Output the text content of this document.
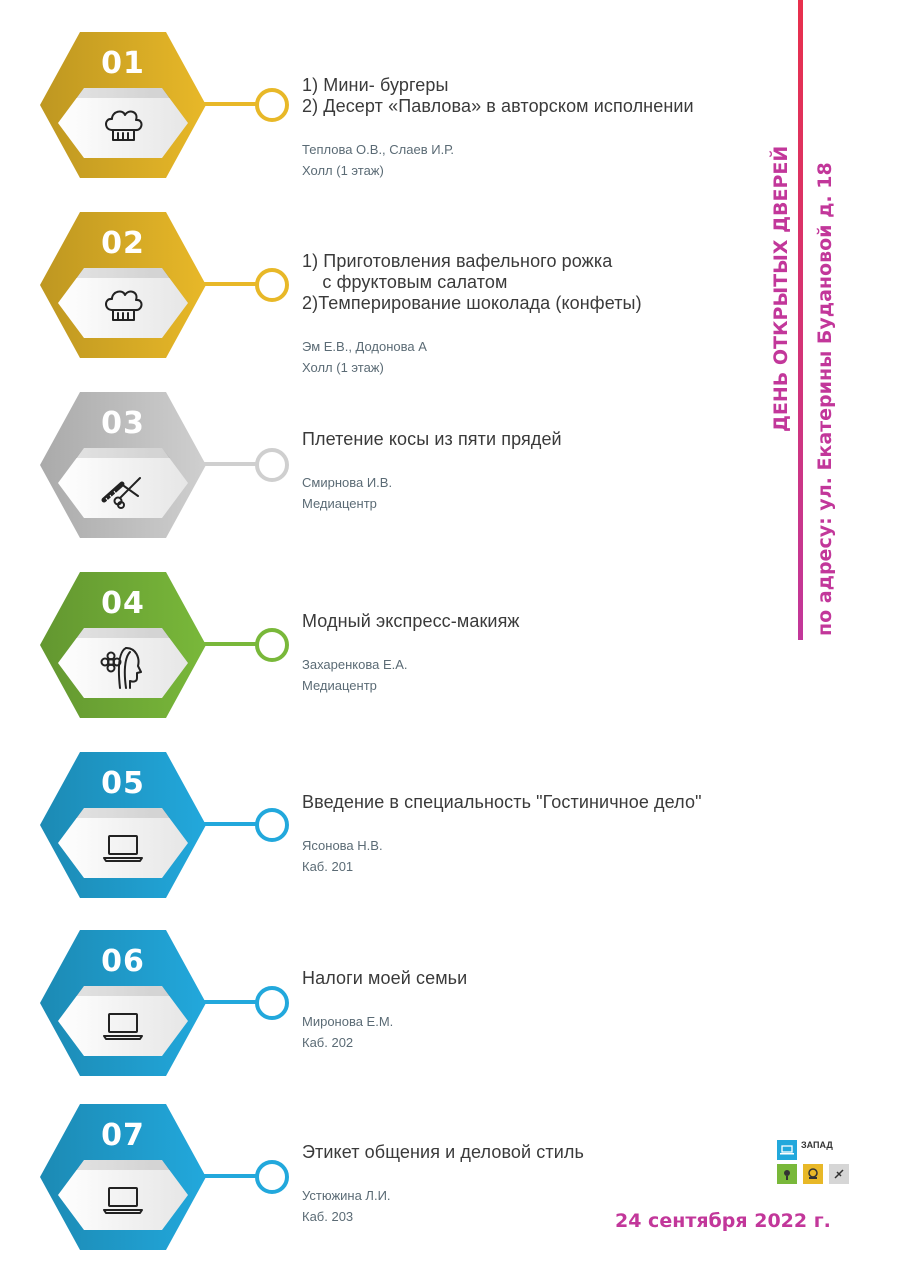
01
1) Мини- бургеры
2) Десерт «Павлова» в авторском исполнении
Теплова О.В., Слаев И.Р.
Холл (1 этаж)
02	1) Приготовления вафельного рожка
с фруктовым салатом
2)Темперирование шоколада (конфеты)
Эм Е.В., Додонова А
Холл (1 этаж)
03	Плетение косы из пяти прядей
Смирнова И.В.
Медиацентр
04	Модный экспресс-макияж
Захаренкова Е.А.
Медиацентр
05
Введение в специальность "Гостиничное дело"
Ясонова Н.В.
Каб. 201
06	Налоги моей семьи
Миронова Е.М.
Каб. 202
07	Этикет общения и деловой стиль
Устюжина Л.И.
Каб. 203
ДЕНЬ ОТКРЫТЫХ ДВЕРЕЙ по адресу: ул. Екатерины Будановой д. 18
ЗАПАД
24 сентября 2022 г.
